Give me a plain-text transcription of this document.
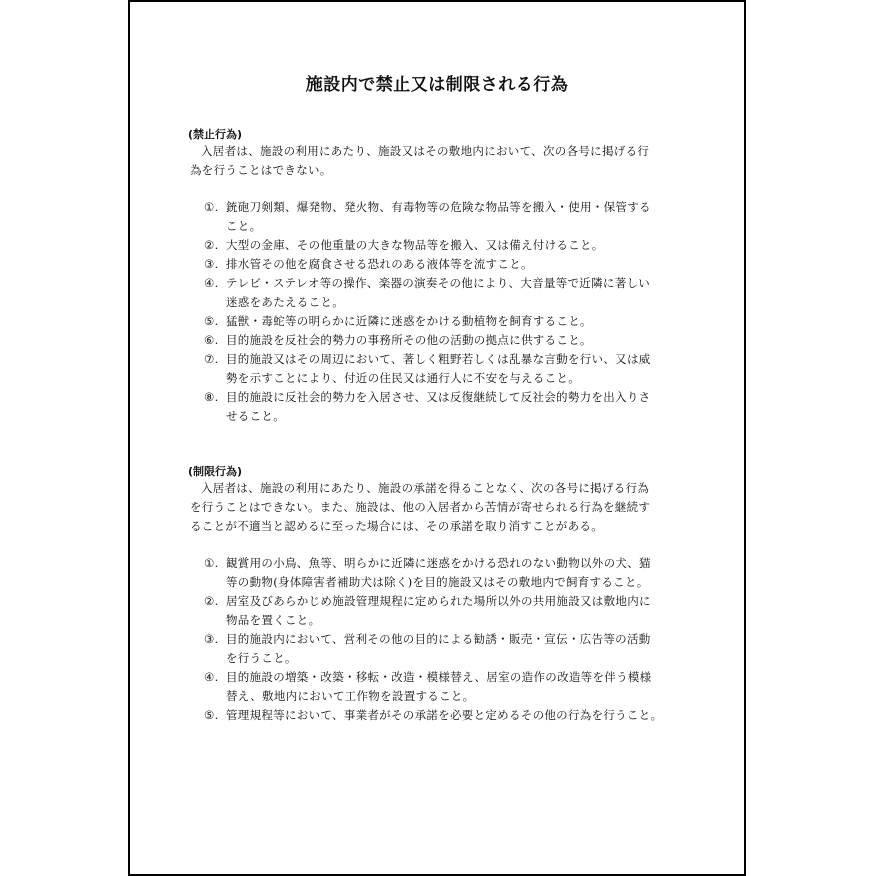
施設内で禁止又は制限される行為
(禁止行為)
入居者は、施設の利用にあたり、施設又はその敷地内において、次の各号に掲げる行
為を行うことはできない。
①. 銃砲刀剣類、爆発物、発火物、有毒物等の危険な物品等を搬入・使用・保管する
こと。
②. 大型の金庫、その他重量の大きな物品等を搬入、又は備え付けること。
③. 排水管その他を腐食させる恐れのある液体等を流すこと。
④. テレビ・ステレオ等の操作、楽器の演奏その他により、大音量等で近隣に著しい
迷惑をあたえること。
⑤. 猛獣・毒蛇等の明らかに近隣に迷惑をかける動植物を飼育すること。
⑥. 目的施設を反社会的勢力の事務所その他の活動の拠点に供すること。
⑦. 目的施設又はその周辺において、著しく粗野若しくは乱暴な言動を行い、又は威
勢を示すことにより、付近の住民又は通行人に不安を与えること。
⑧. 目的施設に反社会的勢力を入居させ、又は反復継続して反社会的勢力を出入りさ
せること。
(制限行為)
入居者は、施設の利用にあたり、施設の承諾を得ることなく、次の各号に掲げる行為
を行うことはできない。また、施設は、他の入居者から苦情が寄せられる行為を継続す
ることが不適当と認めるに至った場合には、その承諾を取り消すことがある。
①. 観賞用の小鳥、魚等、明らかに近隣に迷惑をかける恐れのない動物以外の犬、猫
等の動物(身体障害者補助犬は除く)を目的施設又はその敷地内で飼育すること。
②. 居室及びあらかじめ施設管理規程に定められた場所以外の共用施設又は敷地内に
物品を置くこと。
③. 目的施設内において、営利その他の目的による勧誘・販売・宣伝・広告等の活動
を行うこと。
④. 目的施設の増築・改築・移転・改造・模様替え、居室の造作の改造等を伴う模様
替え、敷地内において工作物を設置すること。
⑤. 管理規程等において、事業者がその承諾を必要と定めるその他の行為を行うこと。
